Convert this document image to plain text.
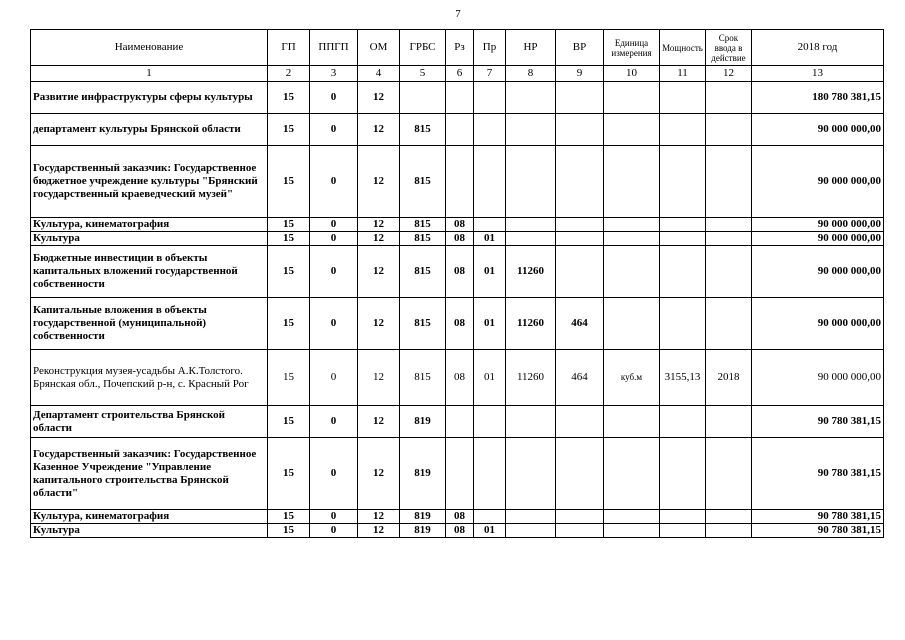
7
Наименование	ГП	ППГП	ОМ	ГРБС	Рз	Пр	НР	ВР	Единица измерения	Мощность	Срок ввода в действие	2018 год
1	2	3	4	5	6	7	8	9	10	11	12	13
Развитие инфраструктуры сферы культуры	15	0	12									180 780 381,15
департамент культуры Брянской области	15	0	12	815								90 000 000,00
Государственный заказчик: Государственное бюджетное учреждение культуры "Брянский государственный краеведческий музей"	15	0	12	815								90 000 000,00
Культура, кинематография	15	0	12	815	08							90 000 000,00
Культура	15	0	12	815	08	01						90 000 000,00
Бюджетные инвестиции в объекты капитальных вложений государственной собственности	15	0	12	815	08	01	11260					90 000 000,00
Капитальные вложения в объекты государственной (муниципальной) собственности	15	0	12	815	08	01	11260	464				90 000 000,00
Реконструкция музея-усадьбы А.К.Толстого. Брянская обл., Почепский р-н, с. Красный Рог	15	0	12	815	08	01	11260	464	куб.м	3155,13	2018	90 000 000,00
Департамент строительства Брянской области	15	0	12	819								90 780 381,15
Государственный заказчик: Государственное Казенное Учреждение "Управление капитального строительства Брянской области"	15	0	12	819								90 780 381,15
Культура, кинематография	15	0	12	819	08							90 780 381,15
Культура	15	0	12	819	08	01						90 780 381,15
